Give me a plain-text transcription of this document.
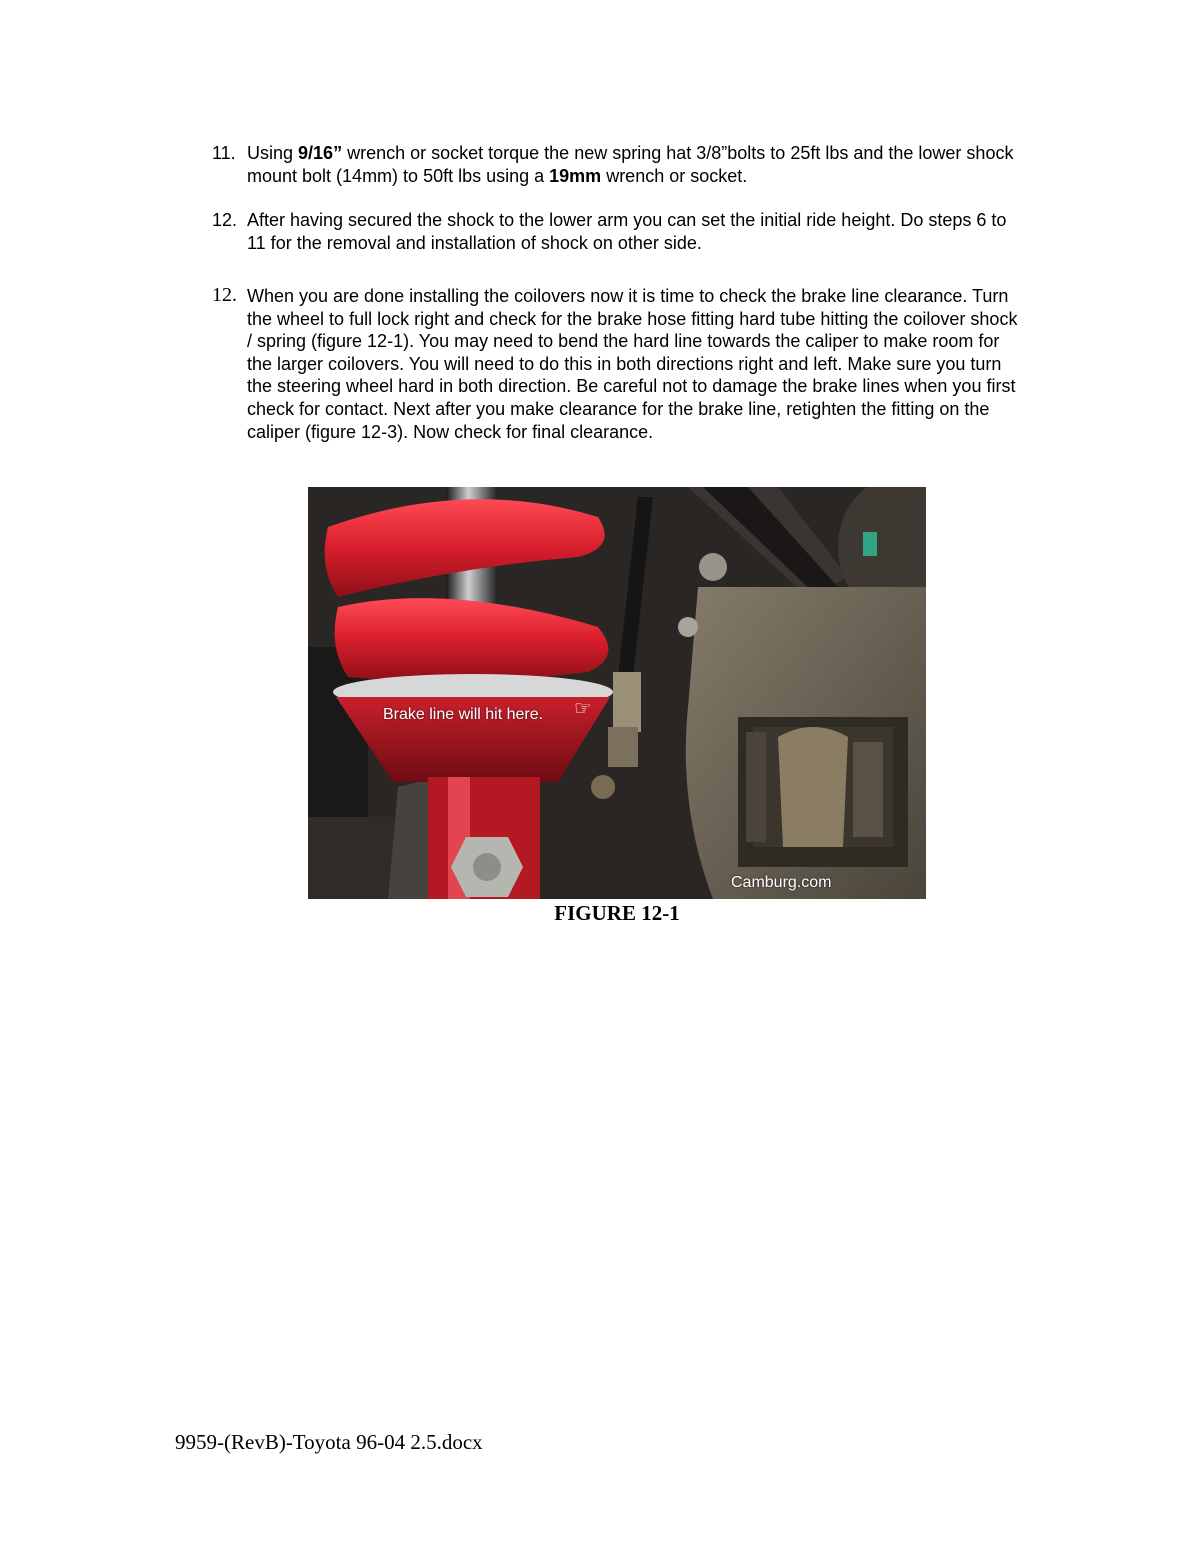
11. Using 9/16” wrench or socket torque the new spring hat 3/8”bolts to 25ft lbs and the lower shock mount bolt (14mm) to 50ft lbs using a 19mm wrench or socket.
12. After having secured the shock to the lower arm you can set the initial ride height. Do steps 6 to 11 for the removal and installation of shock on other side.
12. When you are done installing the coilovers now it is time to check the brake line clearance. Turn the wheel to full lock right and check for the brake hose fitting hard tube hitting the coilover shock / spring (figure 12-1). You may need to bend the hard line towards the caliper to make room for the larger coilovers. You will need to do this in both directions right and left. Make sure you turn the steering wheel hard in both direction. Be careful not to damage the brake lines when you first check for contact. Next after you make clearance for the brake line, retighten the fitting on the caliper (figure 12-3). Now check for final clearance.
Brake line will hit here. ☞
Camburg.com
FIGURE 12-1
9959-(RevB)-Toyota 96-04 2.5.docx
